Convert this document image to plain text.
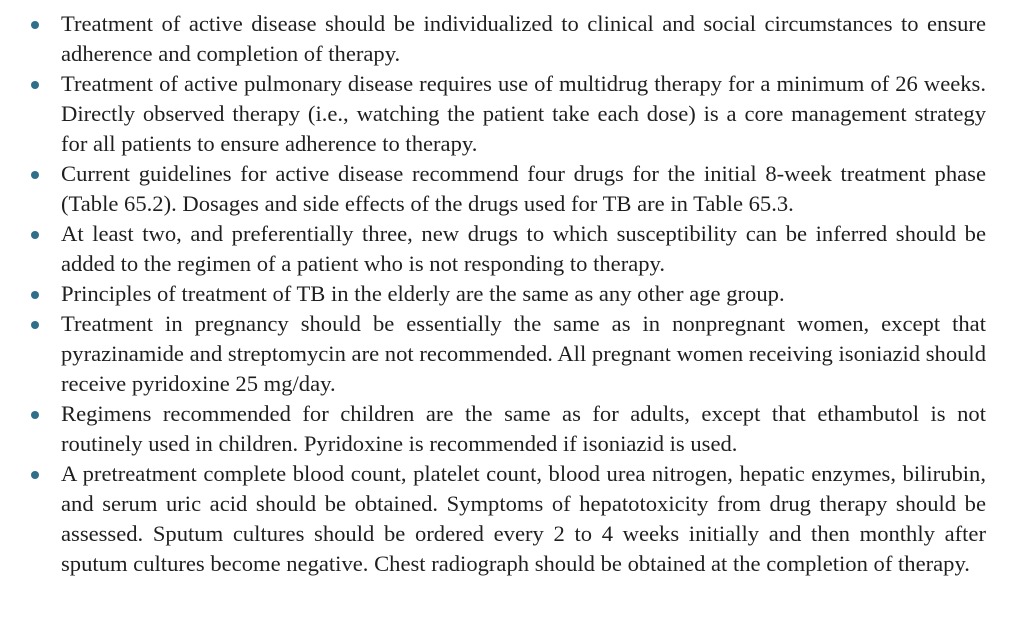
Treatment of active disease should be individualized to clinical and social circumstances to ensure adherence and completion of therapy.
Treatment of active pulmonary disease requires use of multidrug therapy for a minimum of 26 weeks. Directly observed therapy (i.e., watching the patient take each dose) is a core management strategy for all patients to ensure adherence to therapy.
Current guidelines for active disease recommend four drugs for the initial 8-week treatment phase (Table 65.2). Dosages and side effects of the drugs used for TB are in Table 65.3.
At least two, and preferentially three, new drugs to which susceptibility can be inferred should be added to the regimen of a patient who is not responding to therapy.
Principles of treatment of TB in the elderly are the same as any other age group.
Treatment in pregnancy should be essentially the same as in nonpregnant women, except that pyrazinamide and streptomycin are not recommended. All pregnant women receiving isoniazid should receive pyridoxine 25 mg/day.
Regimens recommended for children are the same as for adults, except that ethambutol is not routinely used in children. Pyridoxine is recommended if isoniazid is used.
A pretreatment complete blood count, platelet count, blood urea nitrogen, hepatic enzymes, bilirubin, and serum uric acid should be obtained. Symptoms of hepatotoxicity from drug therapy should be assessed. Sputum cultures should be ordered every 2 to 4 weeks initially and then monthly after sputum cultures become negative. Chest radiograph should be obtained at the completion of therapy.
